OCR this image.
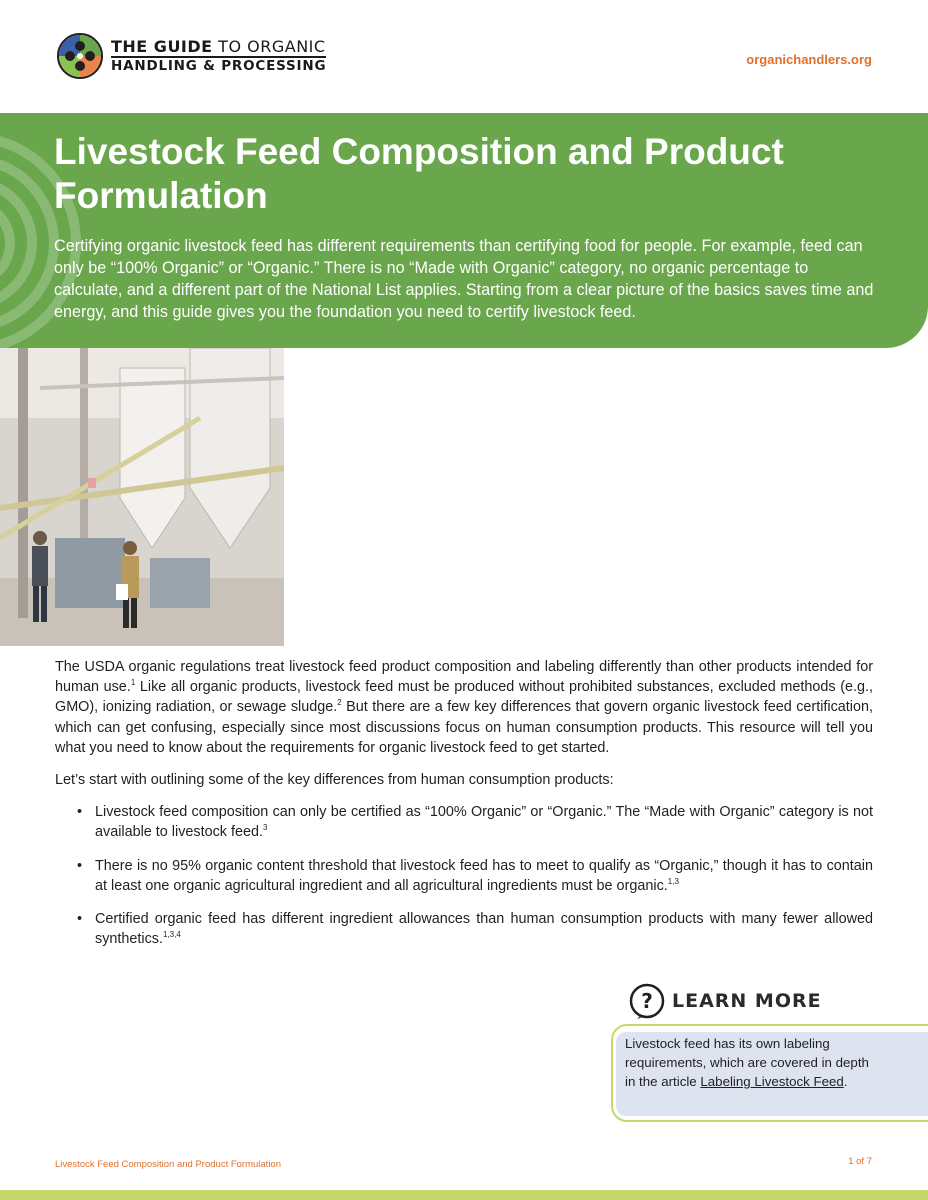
THE GUIDE TO ORGANIC
HANDLING & PROCESSING	organichandlers.org
Livestock Feed Composition and Product Formulation

Certifying organic livestock feed has different requirements than certifying food for people. For example, feed can only be “100% Organic” or “Organic.” There is no “Made with Organic” category, no organic percentage to calculate, and a different part of the National List applies. Starting from a clear picture of the basics saves time and energy, and this guide gives you the foundation you need to certify livestock feed.

What You’ll Learn
• What is allowed in organic livestock feed and how feed rules differ from human-food rules
• The agricultural, nonsynthetic, and synthetic materials allowed in feed
• Requirements for the use of DL-Methionine, vitamins, and minerals in feed
• Documentation your certifier needs to review your feed
• Formulation considerations, including custom blends and pelleted feed

The USDA organic regulations treat livestock feed product composition and labeling differently than other products intended for human use.$^1$ Like all organic products, livestock feed must be produced without prohibited substances, excluded methods (e.g., GMO), ionizing radiation, or sewage sludge.$^2$ But there are a few key differences that govern organic livestock feed certification, which can get confusing, especially since most discussions focus on human consumption products. This resource will tell you what you need to know about the requirements for organic livestock feed to get started.

Let’s start with outlining some of the key differences from human consumption products:

• Livestock feed composition can only be certified as “100% Organic” or “Organic.” The “Made with Organic” category is not available to livestock feed.$^3$
• There is no 95% organic content threshold that livestock feed has to meet to qualify as “Organic,” though it has to contain at least one organic agricultural ingredient and all agricultural ingredients must be organic.$^{1,3}$
• Certified organic feed has different ingredient allowances than human consumption products with many fewer allowed synthetics.$^{1,3,4}$
? LEARN MORE

Livestock feed has its own labeling requirements, which are covered in depth in the article Labeling Livestock Feed.

Livestock Feed Composition and Product Formulation	1 of 7
